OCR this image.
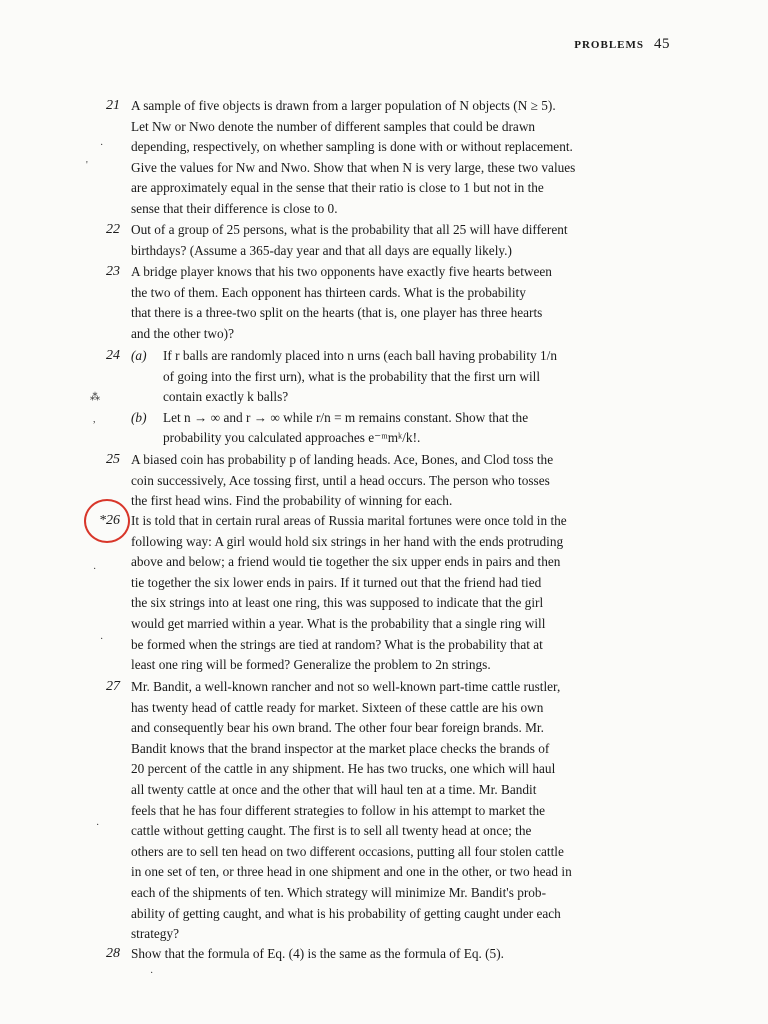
PROBLEMS 45
21 A sample of five objects is drawn from a larger population of N objects (N ≥ 5).
Let Nw or Nwo denote the number of different samples that could be drawn
depending, respectively, on whether sampling is done with or without replacement.
Give the values for Nw and Nwo. Show that when N is very large, these two values
are approximately equal in the sense that their ratio is close to 1 but not in the
sense that their difference is close to 0.
22 Out of a group of 25 persons, what is the probability that all 25 will have different
birthdays? (Assume a 365-day year and that all days are equally likely.)
23 A bridge player knows that his two opponents have exactly five hearts between
the two of them. Each opponent has thirteen cards. What is the probability
that there is a three-two split on the hearts (that is, one player has three hearts
and the other two)?
24 (a) If r balls are randomly placed into n urns (each ball having probability 1/n
of going into the first urn), what is the probability that the first urn will
contain exactly k balls?
(b) Let n → ∞ and r → ∞ while r/n = m remains constant. Show that the
probability you calculated approaches e⁻ᵐmᵏ/k!.
25 A biased coin has probability p of landing heads. Ace, Bones, and Clod toss the
coin successively, Ace tossing first, until a head occurs. The person who tosses
the first head wins. Find the probability of winning for each.
*26 It is told that in certain rural areas of Russia marital fortunes were once told in the
following way: A girl would hold six strings in her hand with the ends protruding
above and below; a friend would tie together the six upper ends in pairs and then
tie together the six lower ends in pairs. If it turned out that the friend had tied
the six strings into at least one ring, this was supposed to indicate that the girl
would get married within a year. What is the probability that a single ring will
be formed when the strings are tied at random? What is the probability that at
least one ring will be formed? Generalize the problem to 2n strings.
27 Mr. Bandit, a well-known rancher and not so well-known part-time cattle rustler,
has twenty head of cattle ready for market. Sixteen of these cattle are his own
and consequently bear his own brand. The other four bear foreign brands. Mr.
Bandit knows that the brand inspector at the market place checks the brands of
20 percent of the cattle in any shipment. He has two trucks, one which will haul
all twenty cattle at once and the other that will haul ten at a time. Mr. Bandit
feels that he has four different strategies to follow in his attempt to market the
cattle without getting caught. The first is to sell all twenty head at once; the
others are to sell ten head on two different occasions, putting all four stolen cattle
in one set of ten, or three head in one shipment and one in the other, or two head in
each of the shipments of ten. Which strategy will minimize Mr. Bandit's prob-
ability of getting caught, and what is his probability of getting caught under each
strategy?
28 Show that the formula of Eq. (4) is the same as the formula of Eq. (5).
·
'
⁂
,
·
·
·
·
